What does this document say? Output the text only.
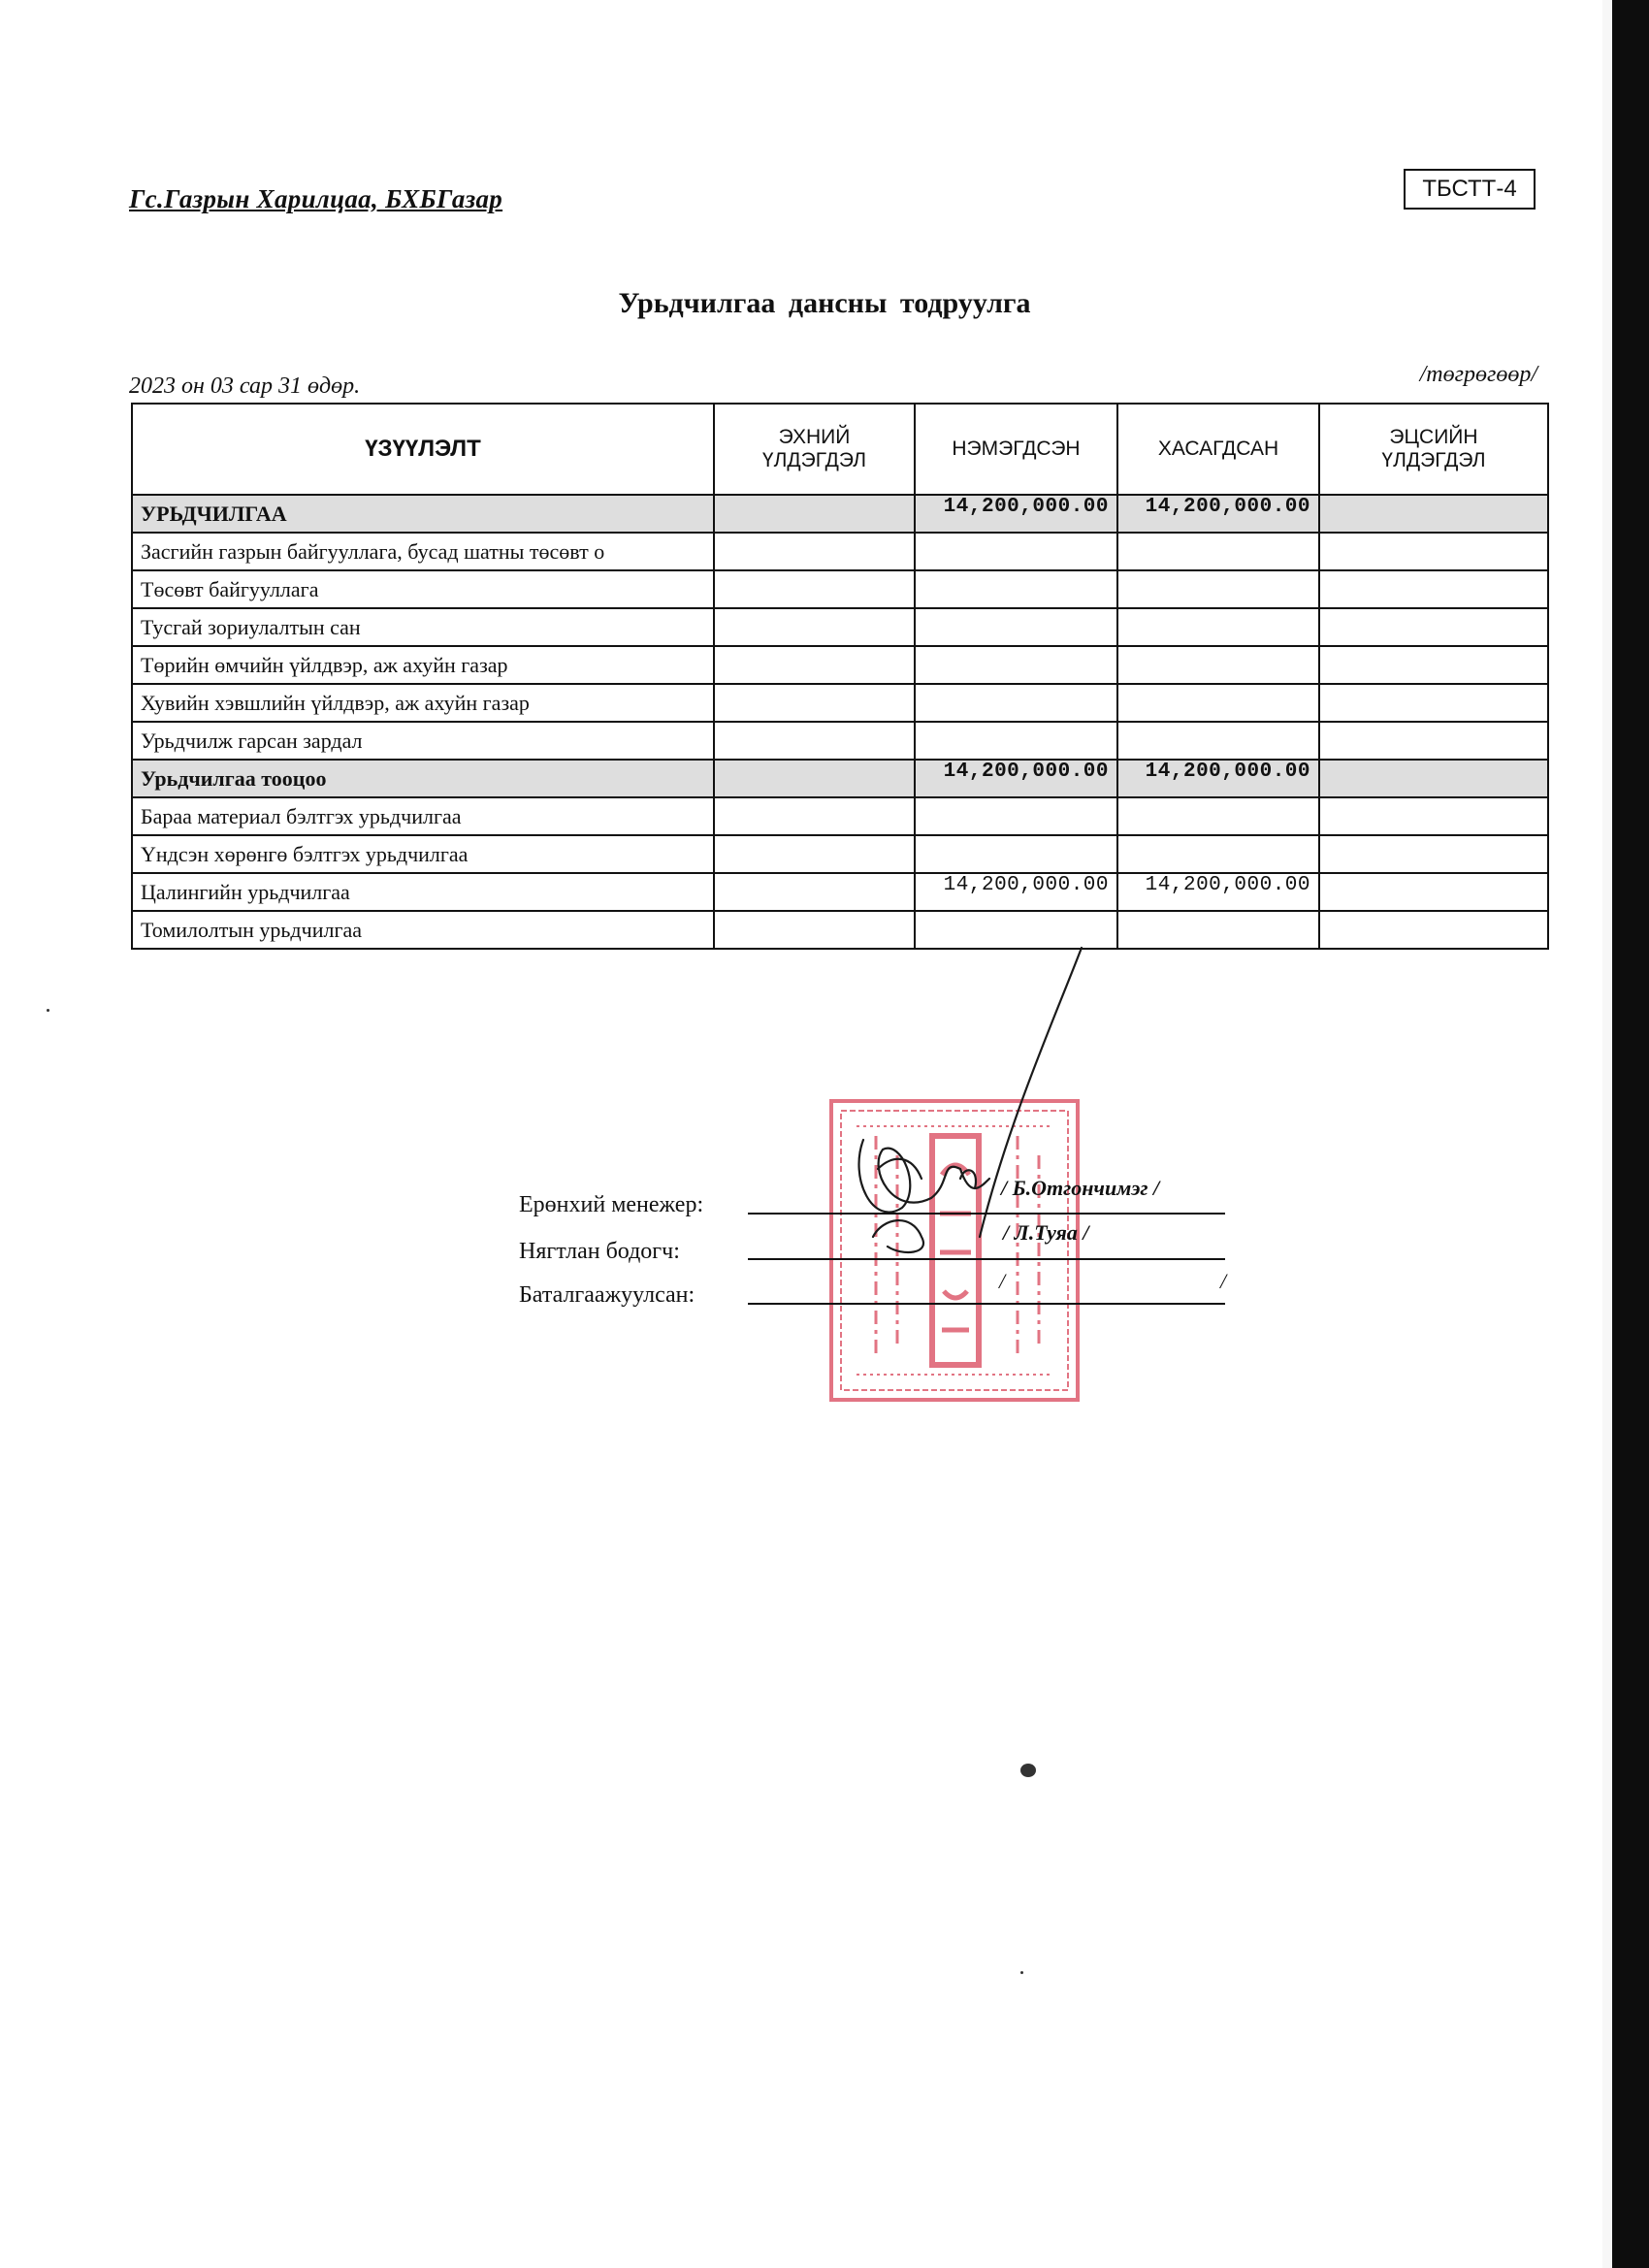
Гс.Газрын Харилцаа, БХБГазар	ТБСТТ-4
Урьдчилгаа дансны тодруулга
2023 он 03 сар 31 өдөр.	/төгрөгөөр/
ҮЗҮҮЛЭЛТ	ЭХНИЙ ҮЛДЭГДЭЛ	НЭМЭГДСЭН	ХАСАГДСАН	ЭЦСИЙН ҮЛДЭГДЭЛ
УРЬДЧИЛГАА		14,200,000.00	14,200,000.00	
Засгийн газрын байгууллага, бусад шатны төсөвт о				
Төсөвт байгууллага				
Тусгай зориулалтын сан				
Төрийн өмчийн үйлдвэр, аж ахуйн газар				
Хувийн хэвшлийн үйлдвэр, аж ахуйн газар				
Урьдчилж гарсан зардал				
Урьдчилгаа тооцоо		14,200,000.00	14,200,000.00	
Бараа материал бэлтгэх урьдчилгаа				
Үндсэн хөрөнгө бэлтгэх урьдчилгаа				
Цалингийн урьдчилгаа		14,200,000.00	14,200,000.00	
Томилолтын урьдчилгаа				
Ерөнхий менежер:
/ Б.Отгончимэг /
Нягтлан бодогч:
/ Л.Туяа /
Баталгаажуулсан:
/	/
